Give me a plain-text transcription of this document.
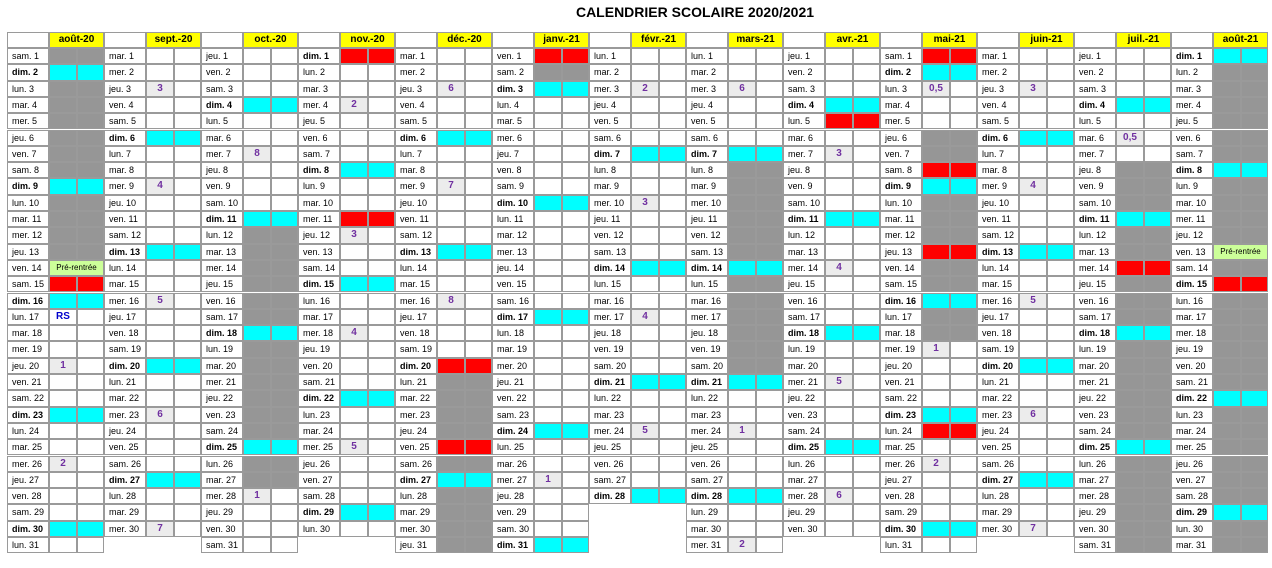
CALENDRIER SCOLAIRE 2020/2021
août-20
sam. 1
dim. 2
lun. 3
mar. 4
mer. 5
jeu. 6
ven. 7
sam. 8
dim. 9
lun. 10
mar. 11
mer. 12
jeu. 13
ven. 14	Pré-rentrée
sam. 15
dim. 16
lun. 17	RS
mar. 18
mer. 19
jeu. 20	1
ven. 21
sam. 22
dim. 23
lun. 24
mar. 25
mer. 26	2
jeu. 27
ven. 28
sam. 29
dim. 30
lun. 31
sept.-20
mar. 1
mer. 2
jeu. 3	3
ven. 4
sam. 5
dim. 6
lun. 7
mar. 8
mer. 9	4
jeu. 10
ven. 11
sam. 12
dim. 13
lun. 14
mar. 15
mer. 16	5
jeu. 17
ven. 18
sam. 19
dim. 20
lun. 21
mar. 22
mer. 23	6
jeu. 24
ven. 25
sam. 26
dim. 27
lun. 28
mar. 29
mer. 30	7
oct.-20
jeu. 1
ven. 2
sam. 3
dim. 4
lun. 5
mar. 6
mer. 7	8
jeu. 8
ven. 9
sam. 10
dim. 11
lun. 12
mar. 13
mer. 14
jeu. 15
ven. 16
sam. 17
dim. 18
lun. 19
mar. 20
mer. 21
jeu. 22
ven. 23
sam. 24
dim. 25
lun. 26
mar. 27
mer. 28	1
jeu. 29
ven. 30
sam. 31
nov.-20
dim. 1
lun. 2
mar. 3
mer. 4	2
jeu. 5
ven. 6
sam. 7
dim. 8
lun. 9
mar. 10
mer. 11
jeu. 12	3
ven. 13
sam. 14
dim. 15
lun. 16
mar. 17
mer. 18	4
jeu. 19
ven. 20
sam. 21
dim. 22
lun. 23
mar. 24
mer. 25	5
jeu. 26
ven. 27
sam. 28
dim. 29
lun. 30
déc.-20
mar. 1
mer. 2
jeu. 3	6
ven. 4
sam. 5
dim. 6
lun. 7
mar. 8
mer. 9	7
jeu. 10
ven. 11
sam. 12
dim. 13
lun. 14
mar. 15
mer. 16	8
jeu. 17
ven. 18
sam. 19
dim. 20
lun. 21
mar. 22
mer. 23
jeu. 24
ven. 25
sam. 26
dim. 27
lun. 28
mar. 29
mer. 30
jeu. 31
janv.-21
ven. 1
sam. 2
dim. 3
lun. 4
mar. 5
mer. 6
jeu. 7
ven. 8
sam. 9
dim. 10
lun. 11
mar. 12
mer. 13
jeu. 14
ven. 15
sam. 16
dim. 17
lun. 18
mar. 19
mer. 20
jeu. 21
ven. 22
sam. 23
dim. 24
lun. 25
mar. 26
mer. 27	1
jeu. 28
ven. 29
sam. 30
dim. 31
févr.-21
lun. 1
mar. 2
mer. 3	2
jeu. 4
ven. 5
sam. 6
dim. 7
lun. 8
mar. 9
mer. 10	3
jeu. 11
ven. 12
sam. 13
dim. 14
lun. 15
mar. 16
mer. 17	4
jeu. 18
ven. 19
sam. 20
dim. 21
lun. 22
mar. 23
mer. 24	5
jeu. 25
ven. 26
sam. 27
dim. 28
mars-21
lun. 1
mar. 2
mer. 3	6
jeu. 4
ven. 5
sam. 6
dim. 7
lun. 8
mar. 9
mer. 10
jeu. 11
ven. 12
sam. 13
dim. 14
lun. 15
mar. 16
mer. 17
jeu. 18
ven. 19
sam. 20
dim. 21
lun. 22
mar. 23
mer. 24	1
jeu. 25
ven. 26
sam. 27
dim. 28
lun. 29
mar. 30
mer. 31	2
avr.-21
jeu. 1
ven. 2
sam. 3
dim. 4
lun. 5
mar. 6
mer. 7	3
jeu. 8
ven. 9
sam. 10
dim. 11
lun. 12
mar. 13
mer. 14	4
jeu. 15
ven. 16
sam. 17
dim. 18
lun. 19
mar. 20
mer. 21	5
jeu. 22
ven. 23
sam. 24
dim. 25
lun. 26
mar. 27
mer. 28	6
jeu. 29
ven. 30
mai-21
sam. 1
dim. 2
lun. 3	0,5
mar. 4
mer. 5
jeu. 6
ven. 7
sam. 8
dim. 9
lun. 10
mar. 11
mer. 12
jeu. 13
ven. 14
sam. 15
dim. 16
lun. 17
mar. 18
mer. 19	1
jeu. 20
ven. 21
sam. 22
dim. 23
lun. 24
mar. 25
mer. 26	2
jeu. 27
ven. 28
sam. 29
dim. 30
lun. 31
juin-21
mar. 1
mer. 2
jeu. 3	3
ven. 4
sam. 5
dim. 6
lun. 7
mar. 8
mer. 9	4
jeu. 10
ven. 11
sam. 12
dim. 13
lun. 14
mar. 15
mer. 16	5
jeu. 17
ven. 18
sam. 19
dim. 20
lun. 21
mar. 22
mer. 23	6
jeu. 24
ven. 25
sam. 26
dim. 27
lun. 28
mar. 29
mer. 30	7
juil.-21
jeu. 1
ven. 2
sam. 3
dim. 4
lun. 5
mar. 6	0,5
mer. 7
jeu. 8
ven. 9
sam. 10
dim. 11
lun. 12
mar. 13
mer. 14
jeu. 15
ven. 16
sam. 17
dim. 18
lun. 19
mar. 20
mer. 21
jeu. 22
ven. 23
sam. 24
dim. 25
lun. 26
mar. 27
mer. 28
jeu. 29
ven. 30
sam. 31
août-21
dim. 1
lun. 2
mar. 3
mer. 4
jeu. 5
ven. 6
sam. 7
dim. 8
lun. 9
mar. 10
mer. 11
jeu. 12
ven. 13	Pré-rentrée
sam. 14
dim. 15
lun. 16
mar. 17
mer. 18
jeu. 19
ven. 20
sam. 21
dim. 22
lun. 23
mar. 24
mer. 25
jeu. 26
ven. 27
sam. 28
dim. 29
lun. 30
mar. 31
